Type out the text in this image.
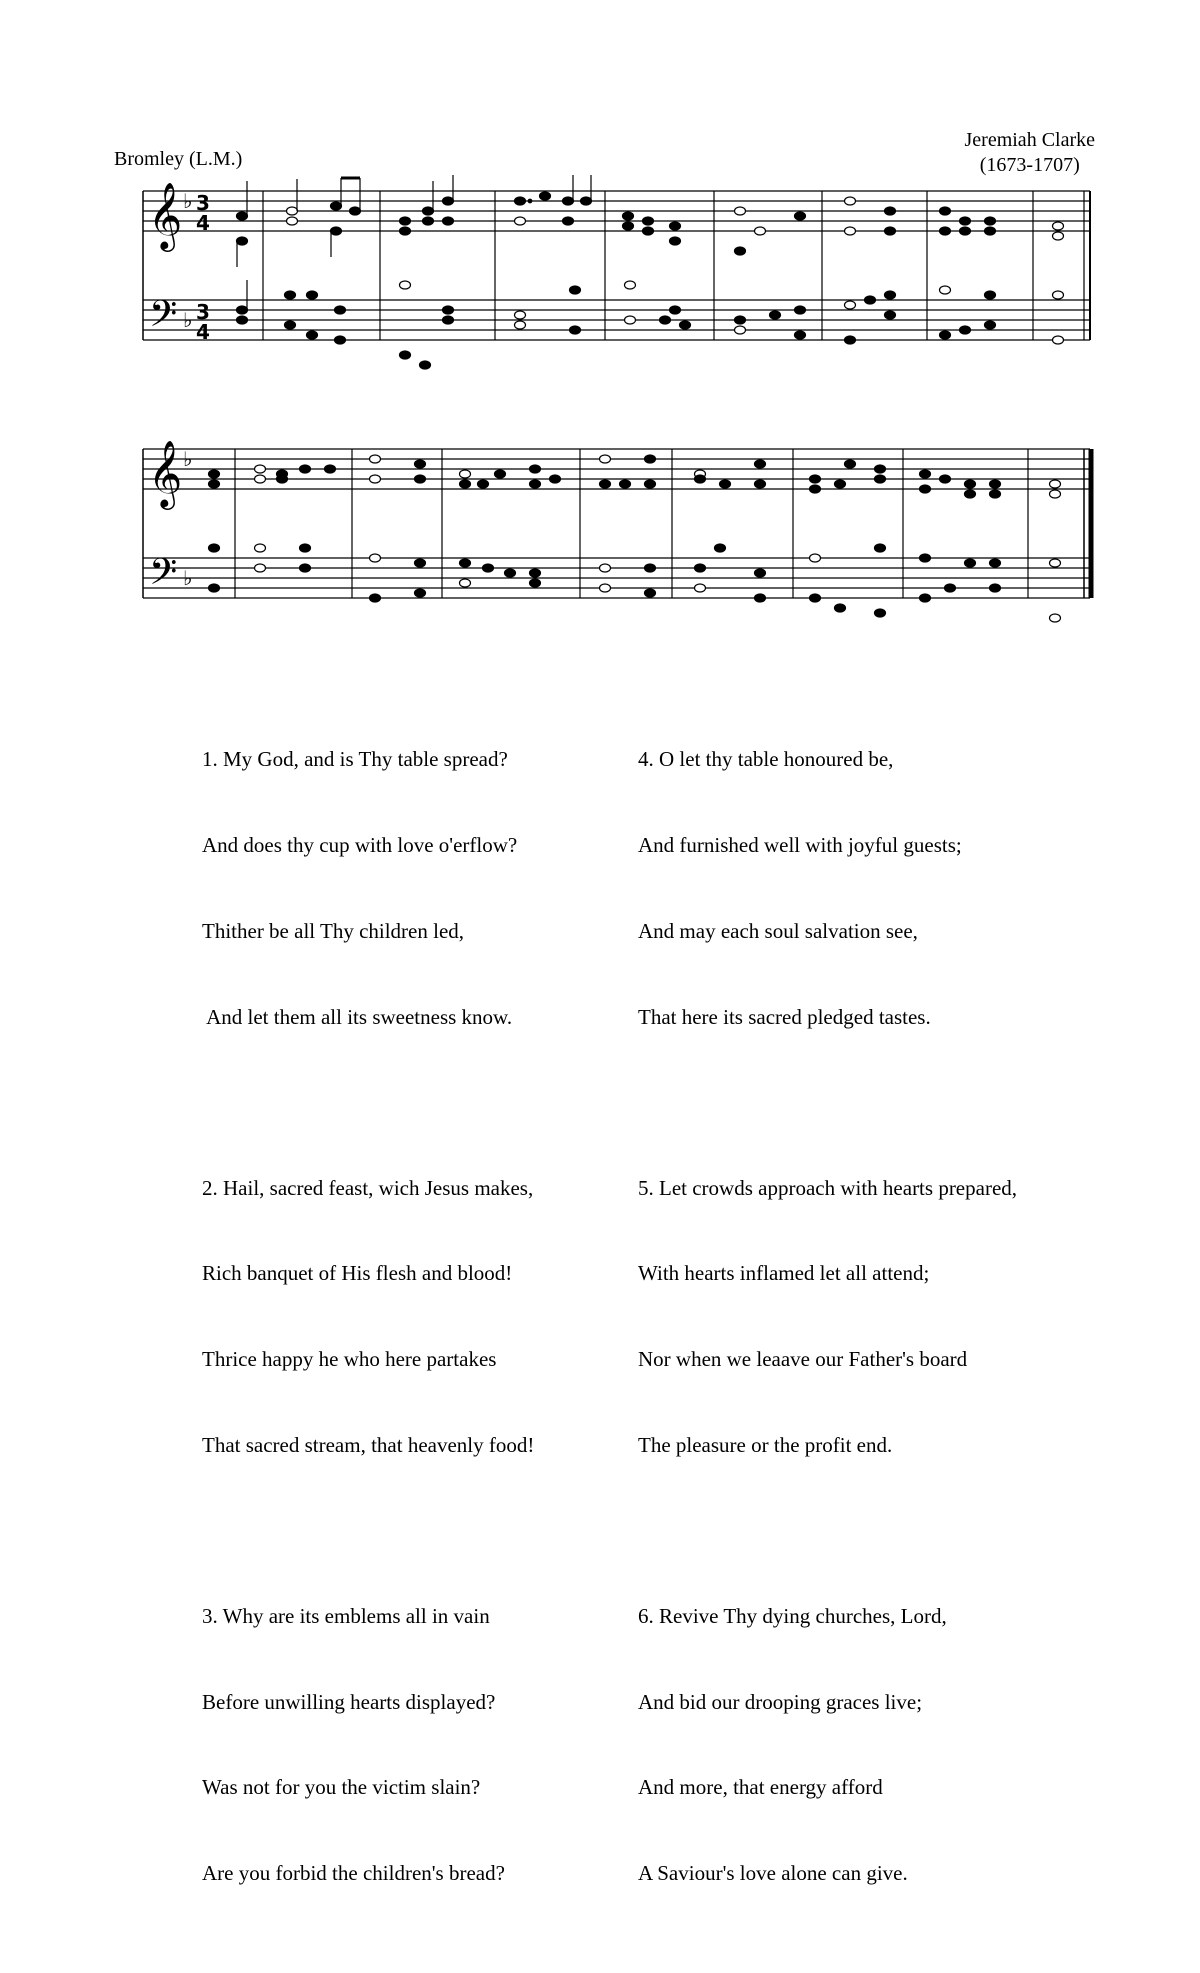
Bromley (L.M.)
Jeremiah Clarke
(1673-1707)
𝄞
𝄢
♭
♭
3
4
3
4
𝄞
𝄢
♭
♭

1. My God, and is Thy table spread?

And does thy cup with love o'erflow?

Thither be all Thy children led,

And let them all its sweetness know.

2. Hail, sacred feast, wich Jesus makes,

Rich banquet of His flesh and blood!

Thrice happy he who here partakes

That sacred stream, that heavenly food!

3. Why are its emblems all in vain

Before unwilling hearts displayed?

Was not for you the victim slain?

Are you forbid the children's bread?

4. O let thy table honoured be,

And furnished well with joyful guests;

And may each soul salvation see,

That here its sacred pledged tastes.

5. Let crowds approach with hearts prepared,

With hearts inflamed let all attend;

Nor when we leaave our Father's board

The pleasure or the profit end.

6. Revive Thy dying churches, Lord,

And bid our drooping graces live;

And more, that energy afford

A Saviour's love alone can give.
